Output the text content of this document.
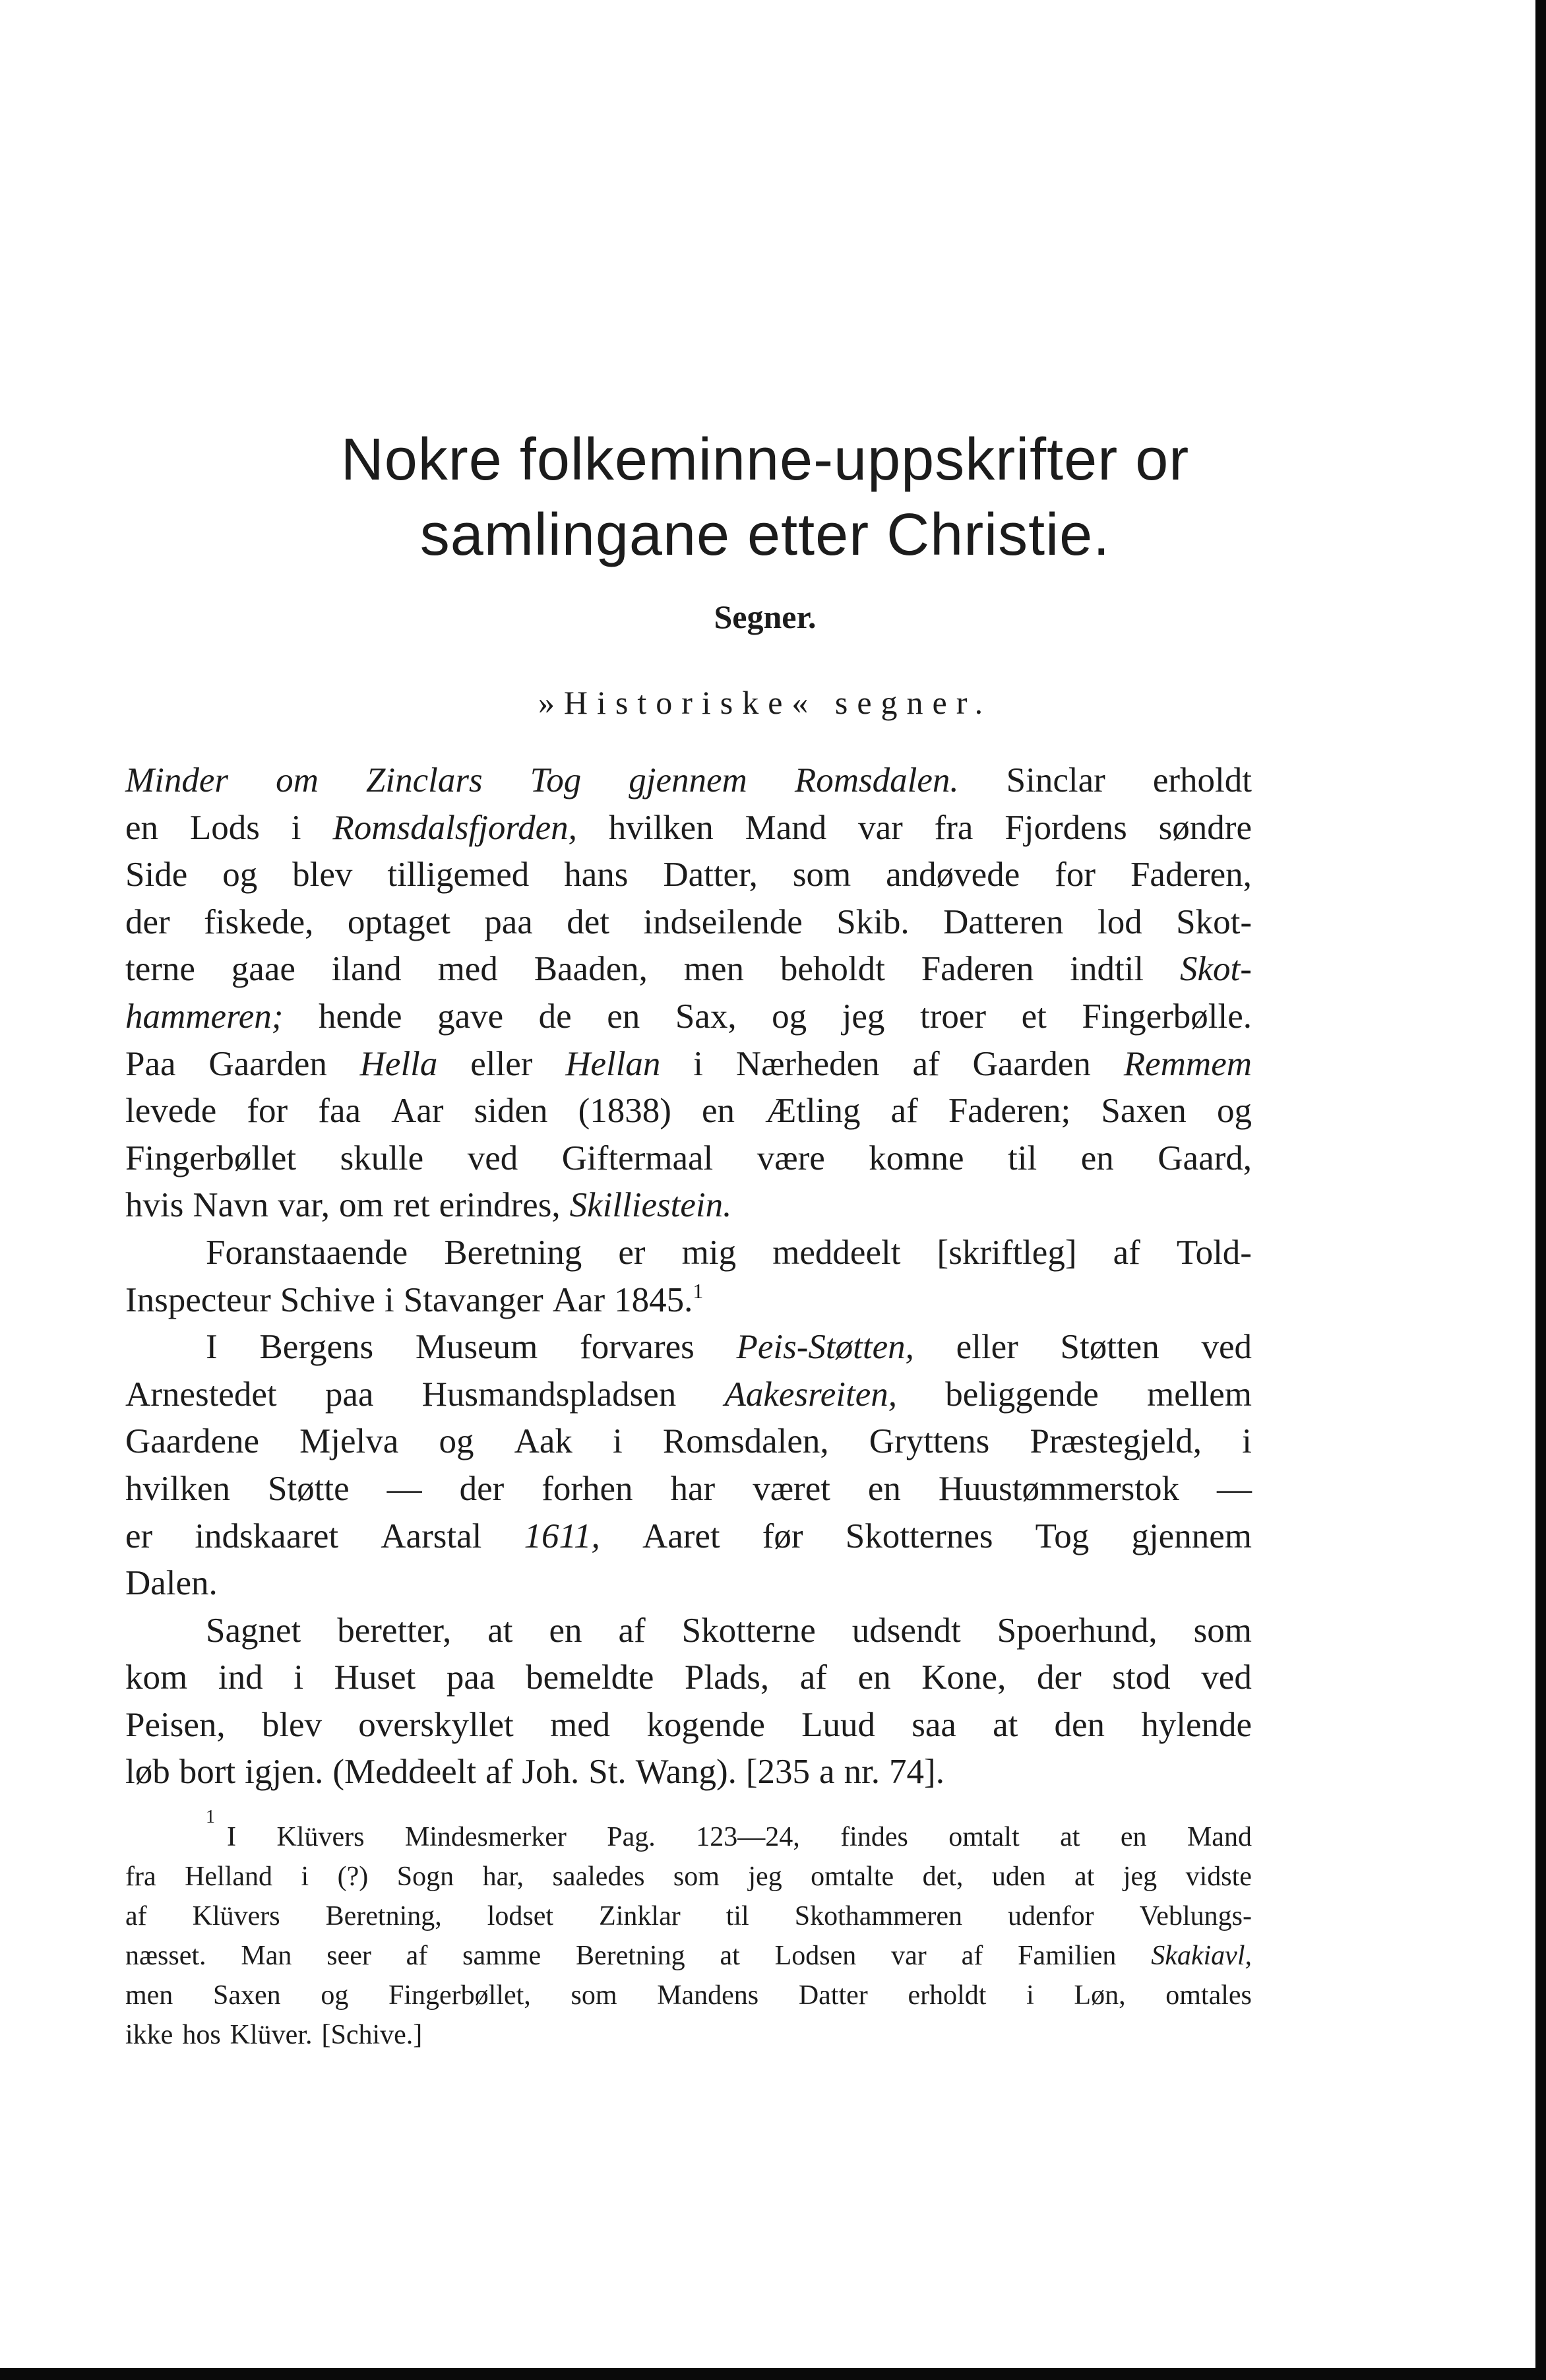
Nokre folkeminne-uppskrifter or
samlingane etter Christie.
Segner.
»Historiske« segner.
Minder om Zinclars Tog gjennem Romsdalen. Sinclar erholdt
en Lods i Romsdalsfjorden, hvilken Mand var fra Fjordens søndre
Side og blev tilligemed hans Datter, som andøvede for Faderen,
der fiskede, optaget paa det indseilende Skib. Datteren lod Skot-
terne gaae iland med Baaden, men beholdt Faderen indtil Skot-
hammeren; hende gave de en Sax, og jeg troer et Fingerbølle.
Paa Gaarden Hella eller Hellan i Nærheden af Gaarden Remmem
levede for faa Aar siden (1838) en Ætling af Faderen; Saxen og
Fingerbøllet skulle ved Giftermaal være komne til en Gaard,
hvis Navn var, om ret erindres, Skilliestein.
Foranstaaende Beretning er mig meddeelt [skriftleg] af Told-
Inspecteur Schive i Stavanger Aar 1845.$^1$
I Bergens Museum forvares Peis-Støtten, eller Støtten ved
Arnestedet paa Husmandspladsen Aakesreiten, beliggende mellem
Gaardene Mjelva og Aak i Romsdalen, Gryttens Præstegjeld, i
hvilken Støtte — der forhen har været en Huustømmerstok —
er indskaaret Aarstal 1611, Aaret før Skotternes Tog gjennem
Dalen.
Sagnet beretter, at en af Skotterne udsendt Spoerhund, som
kom ind i Huset paa bemeldte Plads, af en Kone, der stod ved
Peisen, blev overskyllet med kogende Luud saa at den hylende
løb bort igjen. (Meddeelt af Joh. St. Wang). [235 a nr. 74].
1
I Klüvers Mindesmerker Pag. 123—24, findes omtalt at en Mand
fra Helland i (?) Sogn har, saaledes som jeg omtalte det, uden at jeg vidste
af Klüvers Beretning, lodset Zinklar til Skothammeren udenfor Veblungs-
næsset. Man seer af samme Beretning at Lodsen var af Familien Skakiavl,
men Saxen og Fingerbøllet, som Mandens Datter erholdt i Løn, omtales
ikke hos Klüver. [Schive.]
